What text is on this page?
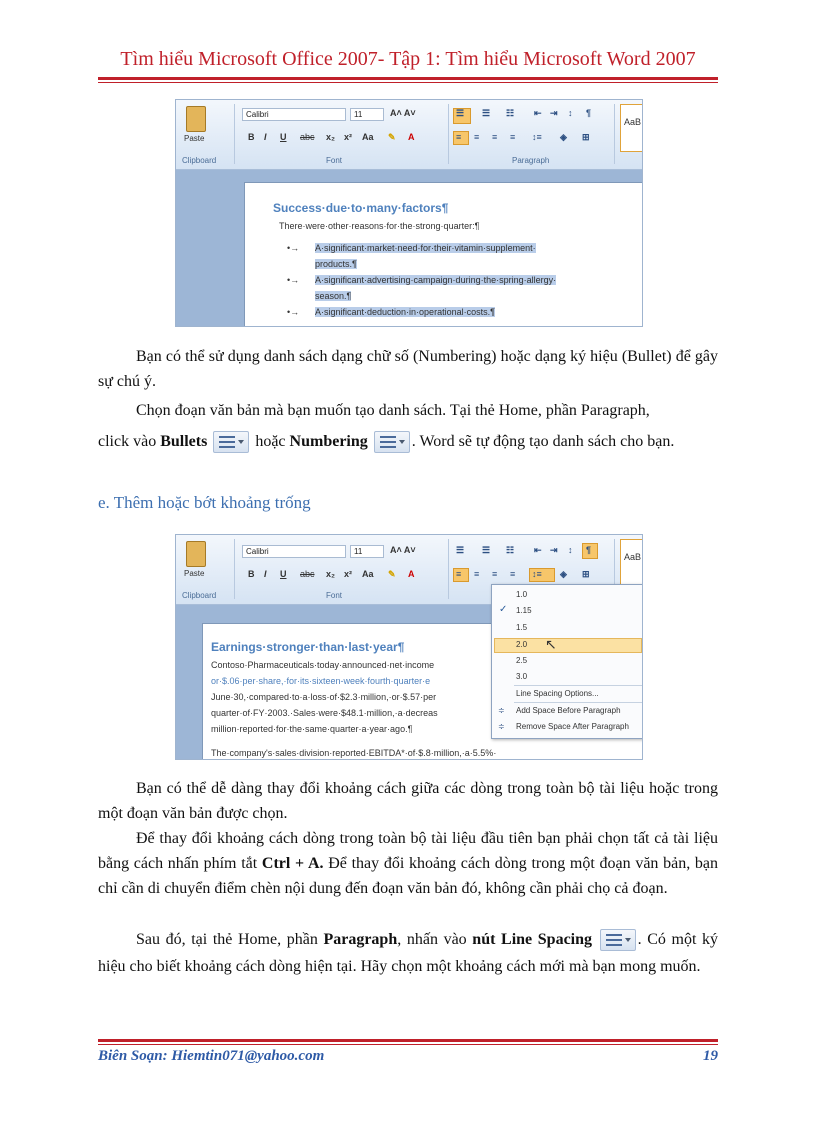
Tìm hiểu Microsoft Office 2007- Tập 1: Tìm hiểu Microsoft Word 2007
Paste
Calibri	11	A˄ A˅
B I U abc x₂ x² Aa ✎ A
☰ ☰ ☷ ⇤ ⇥ ↕ ¶
≡ ≡ ≡ ≡ ↕≡ ◈ ⊞
AaB
Clipboard	Font	Paragraph
Success·due·to·many·factors¶
There·were·other·reasons·for·the·strong·quarter:¶
•→ A·significant·market·need·for·their·vitamin·supplement·
products.¶
•→ A·significant·advertising·campaign·during·the·spring·allergy·
season.¶
•→ A·significant·deduction·in·operational·costs.¶
Bạn có thể sử dụng danh sách dạng chữ số (Numbering) hoặc dạng ký hiệu (Bullet) để gây sự chú ý.
Chọn đoạn văn bản mà bạn muốn tạo danh sách. Tại thẻ Home, phần Paragraph,
click vào Bullets	hoặc Numbering	. Word sẽ tự động tạo danh sách cho bạn.
e. Thêm hoặc bớt khoảng trống
Paste
Calibri	11	A˄ A˅
B I U abc x₂ x² Aa ✎ A
☰ ☰ ☷ ⇤ ⇥ ↕ ¶
≡ ≡ ≡ ≡ ↕≡ ◈ ⊞
AaB
Clipboard	Font
Earnings·stronger·than·last·year¶
Contoso·Pharmaceuticals·today·announced·net·income
or·$.06·per·share,·for·its·sixteen-week·fourth·quarter·e
June·30,·compared·to·a·loss·of·$2.3·million,·or·$.57·per
quarter·of·FY·2003.·Sales·were·$48.1·million,·a·decreas
million·reported·for·the·same·quarter·a·year·ago.¶
The·company's·sales·division·reported·EBITDA*·of·$.8·million,·a·5.5%·
✓
1.0
1.15
1.5
2.0
2.5
3.0
Line Spacing Options...
≑ Add Space Before Paragraph
≑ Remove Space After Paragraph
↖
Bạn có thể dễ dàng thay đổi khoảng cách giữa các dòng trong toàn bộ tài liệu hoặc trong một đoạn văn bản được chọn.
Để thay đổi khoảng cách dòng trong toàn bộ tài liệu đầu tiên bạn phải chọn tất cả tài liệu bằng cách nhấn phím tắt Ctrl + A. Để thay đổi khoảng cách dòng trong một đoạn văn bản, bạn chỉ cần di chuyển điểm chèn nội dung đến đoạn văn bản đó, không cần phải chọ cả đoạn.
Sau đó, tại thẻ Home, phần Paragraph, nhấn vào nút Line Spacing	. Có một ký hiệu cho biết khoảng cách dòng hiện tại. Hãy chọn một khoảng cách mới mà bạn mong muốn.
Biên Soạn: Hiemtin071@yahoo.com	19
